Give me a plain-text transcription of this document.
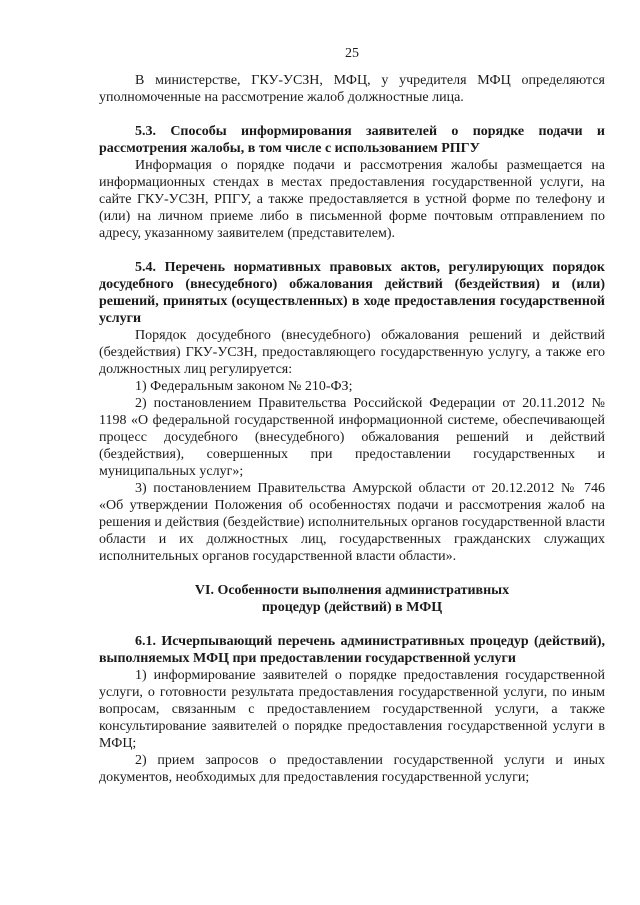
25

В министерстве, ГКУ-УСЗН, МФЦ, у учредителя МФЦ определяются уполномоченные на рассмотрение жалоб должностные лица.

5.3. Способы информирования заявителей о порядке подачи и рассмотрения жалобы, в том числе с использованием РПГУ

Информация о порядке подачи и рассмотрения жалобы размещается на информационных стендах в местах предоставления государственной услуги, на сайте ГКУ-УСЗН, РПГУ, а также предоставляется в устной форме по телефону и (или) на личном приеме либо в письменной форме почтовым отправлением по адресу, указанному заявителем (представителем).

5.4. Перечень нормативных правовых актов, регулирующих порядок досудебного (внесудебного) обжалования действий (бездействия) и (или) решений, принятых (осуществленных) в ходе предоставления государственной услуги

Порядок досудебного (внесудебного) обжалования решений и действий (бездействия) ГКУ-УСЗН, предоставляющего государственную услугу, а также его должностных лиц регулируется:

1) Федеральным законом № 210-ФЗ;

2) постановлением Правительства Российской Федерации от 20.11.2012 № 1198 «О федеральной государственной информационной системе, обеспечивающей процесс досудебного (внесудебного) обжалования решений и действий (бездействия), совершенных при предоставлении государственных и муниципальных услуг»;

3) постановлением Правительства Амурской области от 20.12.2012 № 746 «Об утверждении Положения об особенностях подачи и рассмотрения жалоб на решения и действия (бездействие) исполнительных органов государственной власти области и их должностных лиц, государственных гражданских служащих исполнительных органов государственной власти области».

VI. Особенности выполнения административных

процедур (действий) в МФЦ

6.1. Исчерпывающий перечень административных процедур (действий), выполняемых МФЦ при предоставлении государственной услуги

1) информирование заявителей о порядке предоставления государственной услуги, о готовности результата предоставления государственной услуги, по иным вопросам, связанным с предоставлением государственной услуги, а также консультирование заявителей о порядке предоставления государственной услуги в МФЦ;

2) прием запросов о предоставлении государственной услуги и иных документов, необходимых для предоставления государственной услуги;
